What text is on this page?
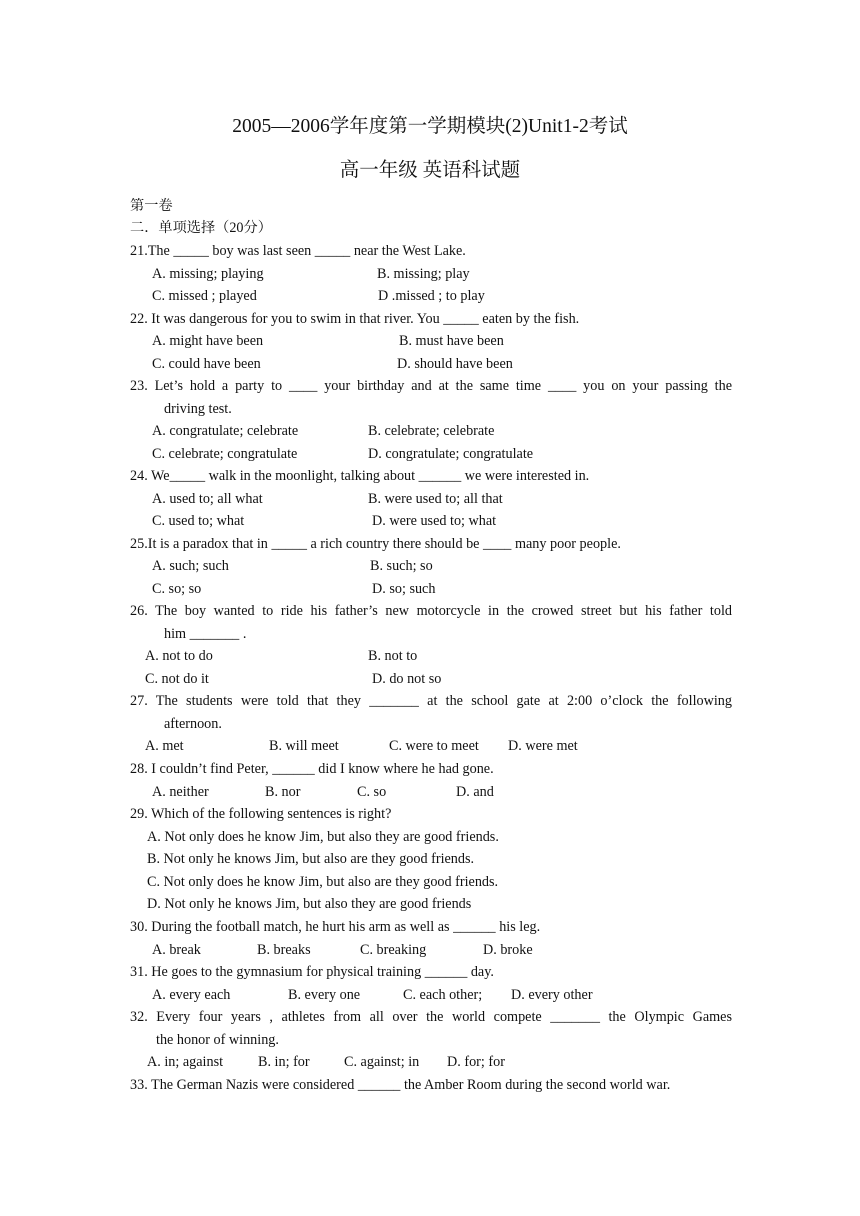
2005—2006学年度第一学期模块(2)Unit1-2考试
高一年级 英语科试题
第一卷
二．单项选择（20分）
21.The _____ boy was last seen _____ near the West Lake.
A. missing; playing	B. missing; play
C. missed ; played	D .missed ; to play
22. It was dangerous for you to swim in that river. You _____ eaten by the fish.
A. might have been	B. must have been
C. could have been	D. should have been
23. Let’s hold a party to ____ your birthday and at the same time ____ you on your passing the
driving test.
A. congratulate; celebrate	B. celebrate; celebrate
C. celebrate; congratulate	D. congratulate; congratulate
24. We_____ walk in the moonlight, talking about ______ we were interested in.
A. used to; all what	B. were used to; all that
C. used to; what	D. were used to; what
25.It is a paradox that in _____ a rich country there should be ____ many poor people.
A. such; such	B. such; so
C. so; so	D. so; such
26. The boy wanted to ride his father’s new motorcycle in the crowed street but his father told
him _______ .
A. not to do	B. not to
C. not do it	D. do not so
27. The students were told that they _______ at the school gate at 2:00 o’clock the following
afternoon.
A. met	B. will meet	C. were to meet D. were met
28. I couldn’t find Peter, ______ did I know where he had gone.
A. neither	B. nor	C. so	D. and
29. Which of the following sentences is right?
A. Not only does he know Jim, but also they are good friends.
B. Not only he knows Jim, but also are they good friends.
C. Not only does he know Jim, but also are they good friends.
D. Not only he knows Jim, but also they are good friends
30. During the football match, he hurt his arm as well as ______ his leg.
A. break	B. breaks	C. breaking	D. broke
31. He goes to the gymnasium for physical training ______ day.
A. every each	B. every one	C. each other; D. every other
32. Every four years , athletes from all over the world compete _______ the Olympic Games
the honor of winning.
A. in; against B. in; for C. against; in D. for; for
33. The German Nazis were considered ______ the Amber Room during the second world war.
